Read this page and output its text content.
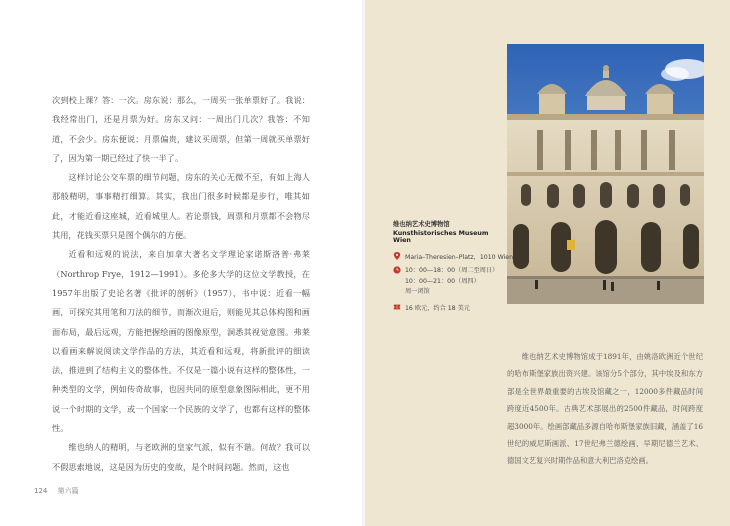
次到校上课？答：一次。房东说：那么，一周买一张单票好了。我说：我经常出门，还是月票为好。房东又问：一周出门几次？我答：不知道，不会少。房东便说：月票偏贵，建议买周票，但第一周就买单票好了，因为第一期已经过了快一半了。

这样讨论公交车票的细节问题，房东的关心无微不至，有如上海人那般精明，事事精打细算。其实，我出门很多时候都是步行，唯其如此，才能近看这座城，近看城里人。若论票钱，周票和月票都不会物尽其用，花钱买票只是图个偶尔的方便。

近看和远观的说法，来自加拿大著名文学理论家诺斯洛普·弗莱（Northrop Frye，1912—1991）。多伦多大学的这位文学教授，在1957年出版了史论名著《批评的剖析》（1957），书中说：近看一幅画，可探究其用笔和刀法的细节，而渐次退后，则能见其总体构图和画面布局，最后远观，方能把握绘画的图像原型，洞悉其视觉意图。弗莱以看画来解说阅读文学作品的方法，其近看和远观，将新批评的细读法，推进到了结构主义的整体性。不仅是一篇小说有这样的整体性，一种类型的文学，例如传奇故事，也因共同的原型意象图际相此，更不用说一个时期的文学，或一个国家一个民族的文学了，也都有这样的整体性。

维也纳人的精明，与老欧洲的皇家气派，似有不谐。何故？我可以不假思索地说，这是因为历史的变故，是个时间问题。然而，这也

124 第六篇
维也纳艺术史博物馆
Kunsthistorisches Museum Wien
Maria–Theresien–Platz，1010 Wien
10：00—18：00（周二至周日）
10：00—21：00（周四）
周一闭馆
16 欧元，约合 18 美元

维也纳艺术史博物馆成于1891年，由姚洛欧洲近个世纪的哈布斯堡家族出资兴建。该馆分5个部分，其中埃及和东方部是全世界最重要的古埃及馆藏之一，12000多件藏品时间跨度近4500年。古典艺术部展出的2500件藏品，时间跨度超3000年。绘画部藏品多源自哈布斯堡家族旧藏，涵盖了16世纪的威尼斯画派、17世纪弗兰德绘画、早期尼德兰艺术、德国文艺复兴时期作品和意大利巴洛克绘画。
